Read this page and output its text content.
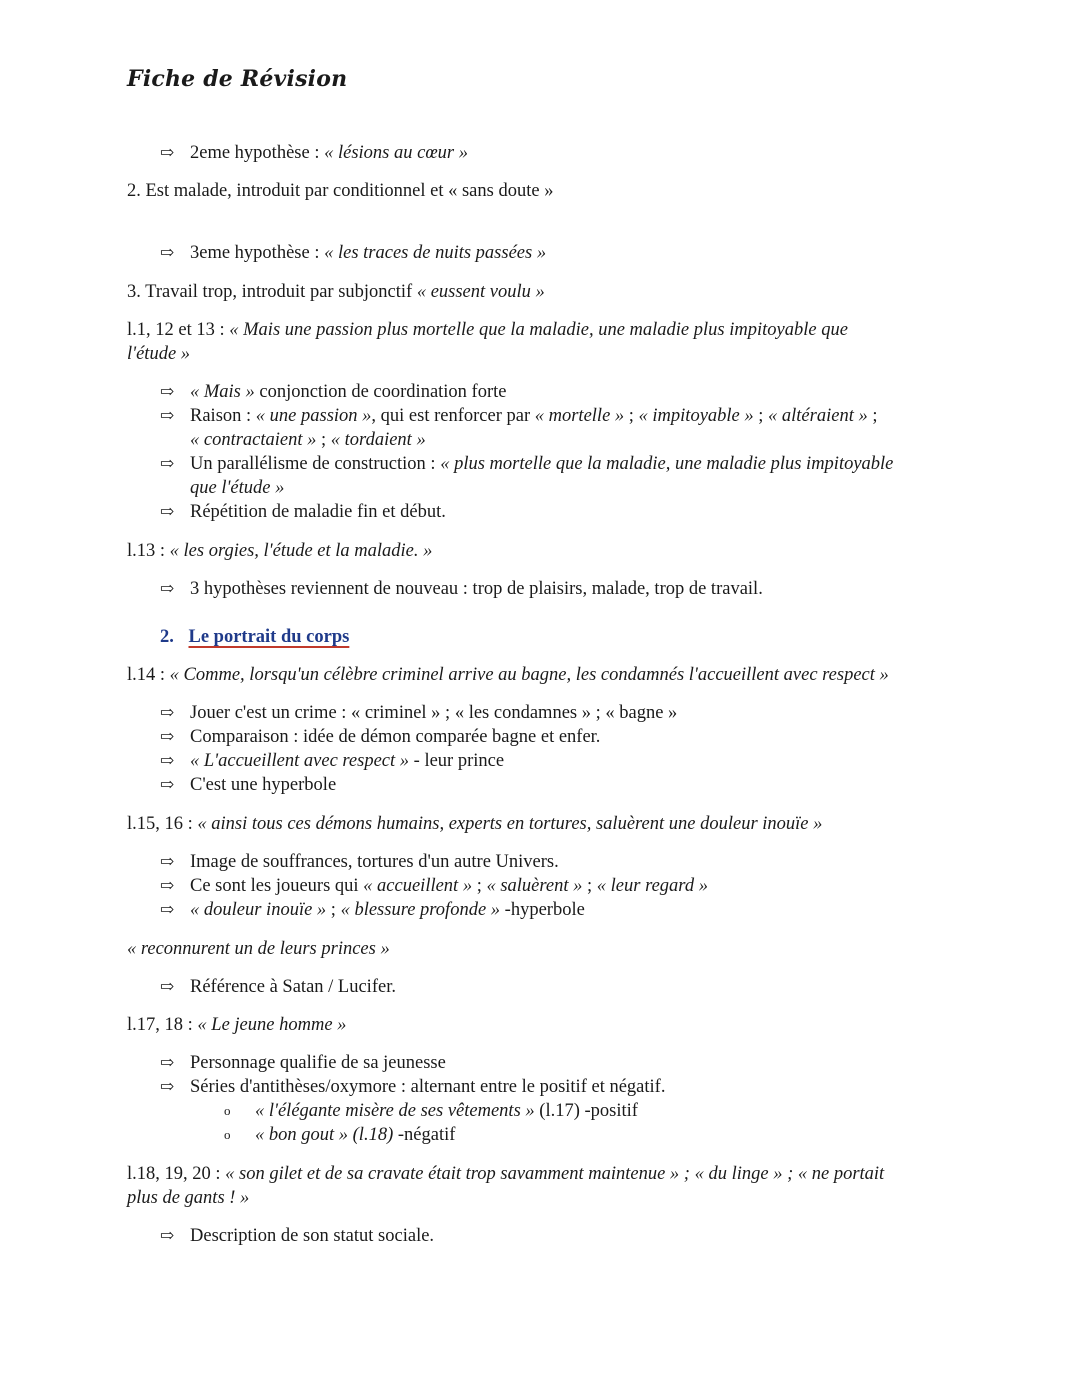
Fiche de Révision
⇨ 2eme hypothèse : « lésions au cœur »
2. Est malade, introduit par conditionnel et « sans doute »
⇨ 3eme hypothèse : « les traces de nuits passées »
3. Travail trop, introduit par subjonctif « eussent voulu »
l.1, 12 et 13 : « Mais une passion plus mortelle que la maladie, une maladie plus impitoyable que
l'étude »
⇨ « Mais » conjonction de coordination forte
⇨ Raison : « une passion », qui est renforcer par « mortelle » ; « impitoyable » ; « altéraient » ;
« contractaient » ; « tordaient »
⇨ Un parallélisme de construction : « plus mortelle que la maladie, une maladie plus impitoyable
que l'étude »
⇨ Répétition de maladie fin et début.
l.13 : « les orgies, l'étude et la maladie. »
⇨ 3 hypothèses reviennent de nouveau : trop de plaisirs, malade, trop de travail.
2. Le portrait du corps
l.14 : « Comme, lorsqu'un célèbre criminel arrive au bagne, les condamnés l'accueillent avec respect »
⇨ Jouer c'est un crime : « criminel » ; « les condamnes » ; « bagne »
⇨ Comparaison : idée de démon comparée bagne et enfer.
⇨ « L'accueillent avec respect » - leur prince
⇨ C'est une hyperbole
l.15, 16 : « ainsi tous ces démons humains, experts en tortures, saluèrent une douleur inouïe »
⇨ Image de souffrances, tortures d'un autre Univers.
⇨ Ce sont les joueurs qui « accueillent » ; « saluèrent » ; « leur regard »
⇨ « douleur inouïe » ; « blessure profonde » -hyperbole
« reconnurent un de leurs princes »
⇨ Référence à Satan / Lucifer.
l.17, 18 : « Le jeune homme »
⇨ Personnage qualifie de sa jeunesse
⇨ Séries d'antithèses/oxymore : alternant entre le positif et négatif.
o « l'élégante misère de ses vêtements » (l.17) -positif
o « bon gout » (l.18) -négatif
l.18, 19, 20 : « son gilet et de sa cravate était trop savamment maintenue » ; « du linge » ; « ne portait
plus de gants ! »
⇨ Description de son statut sociale.
